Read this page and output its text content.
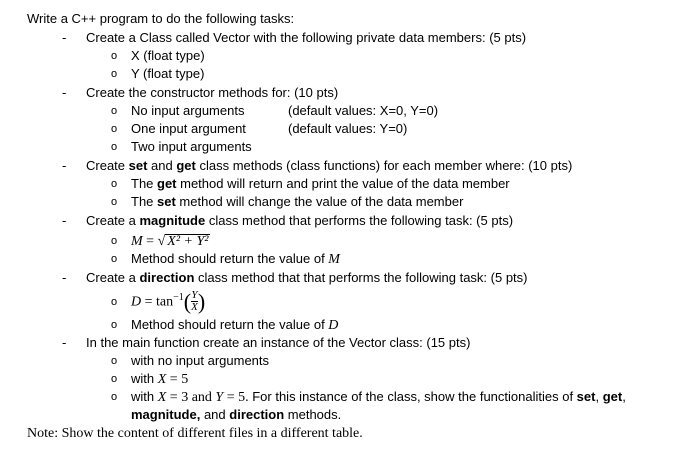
Write a C++ program to do the following tasks:
- Create a Class called Vector with the following private data members: (5 pts)
o X (float type)
o Y (float type)
- Create the constructor methods for: (10 pts)
o No input arguments	(default values: X=0, Y=0)
o One input argument	(default values: Y=0)
o Two input arguments
- Create set and get class methods (class functions) for each member where: (10 pts)
o The get method will return and print the value of the data member
o The set method will change the value of the data member
- Create a magnitude class method that performs the following task: (5 pts)
o M = √ X² + Y²
o Method should return the value of M
- Create a direction class method that that performs the following task: (5 pts)
o $D = \tan^{-1}( \frac{Y}{X}$ )
o Method should return the value of D
- In the main function create an instance of the Vector class: (15 pts)
o with no input arguments
o with X = 5
o with X = 3 and Y = 5. For this instance of the class, show the functionalities of set, get,
magnitude, and direction methods.
Note: Show the content of different files in a different table.
